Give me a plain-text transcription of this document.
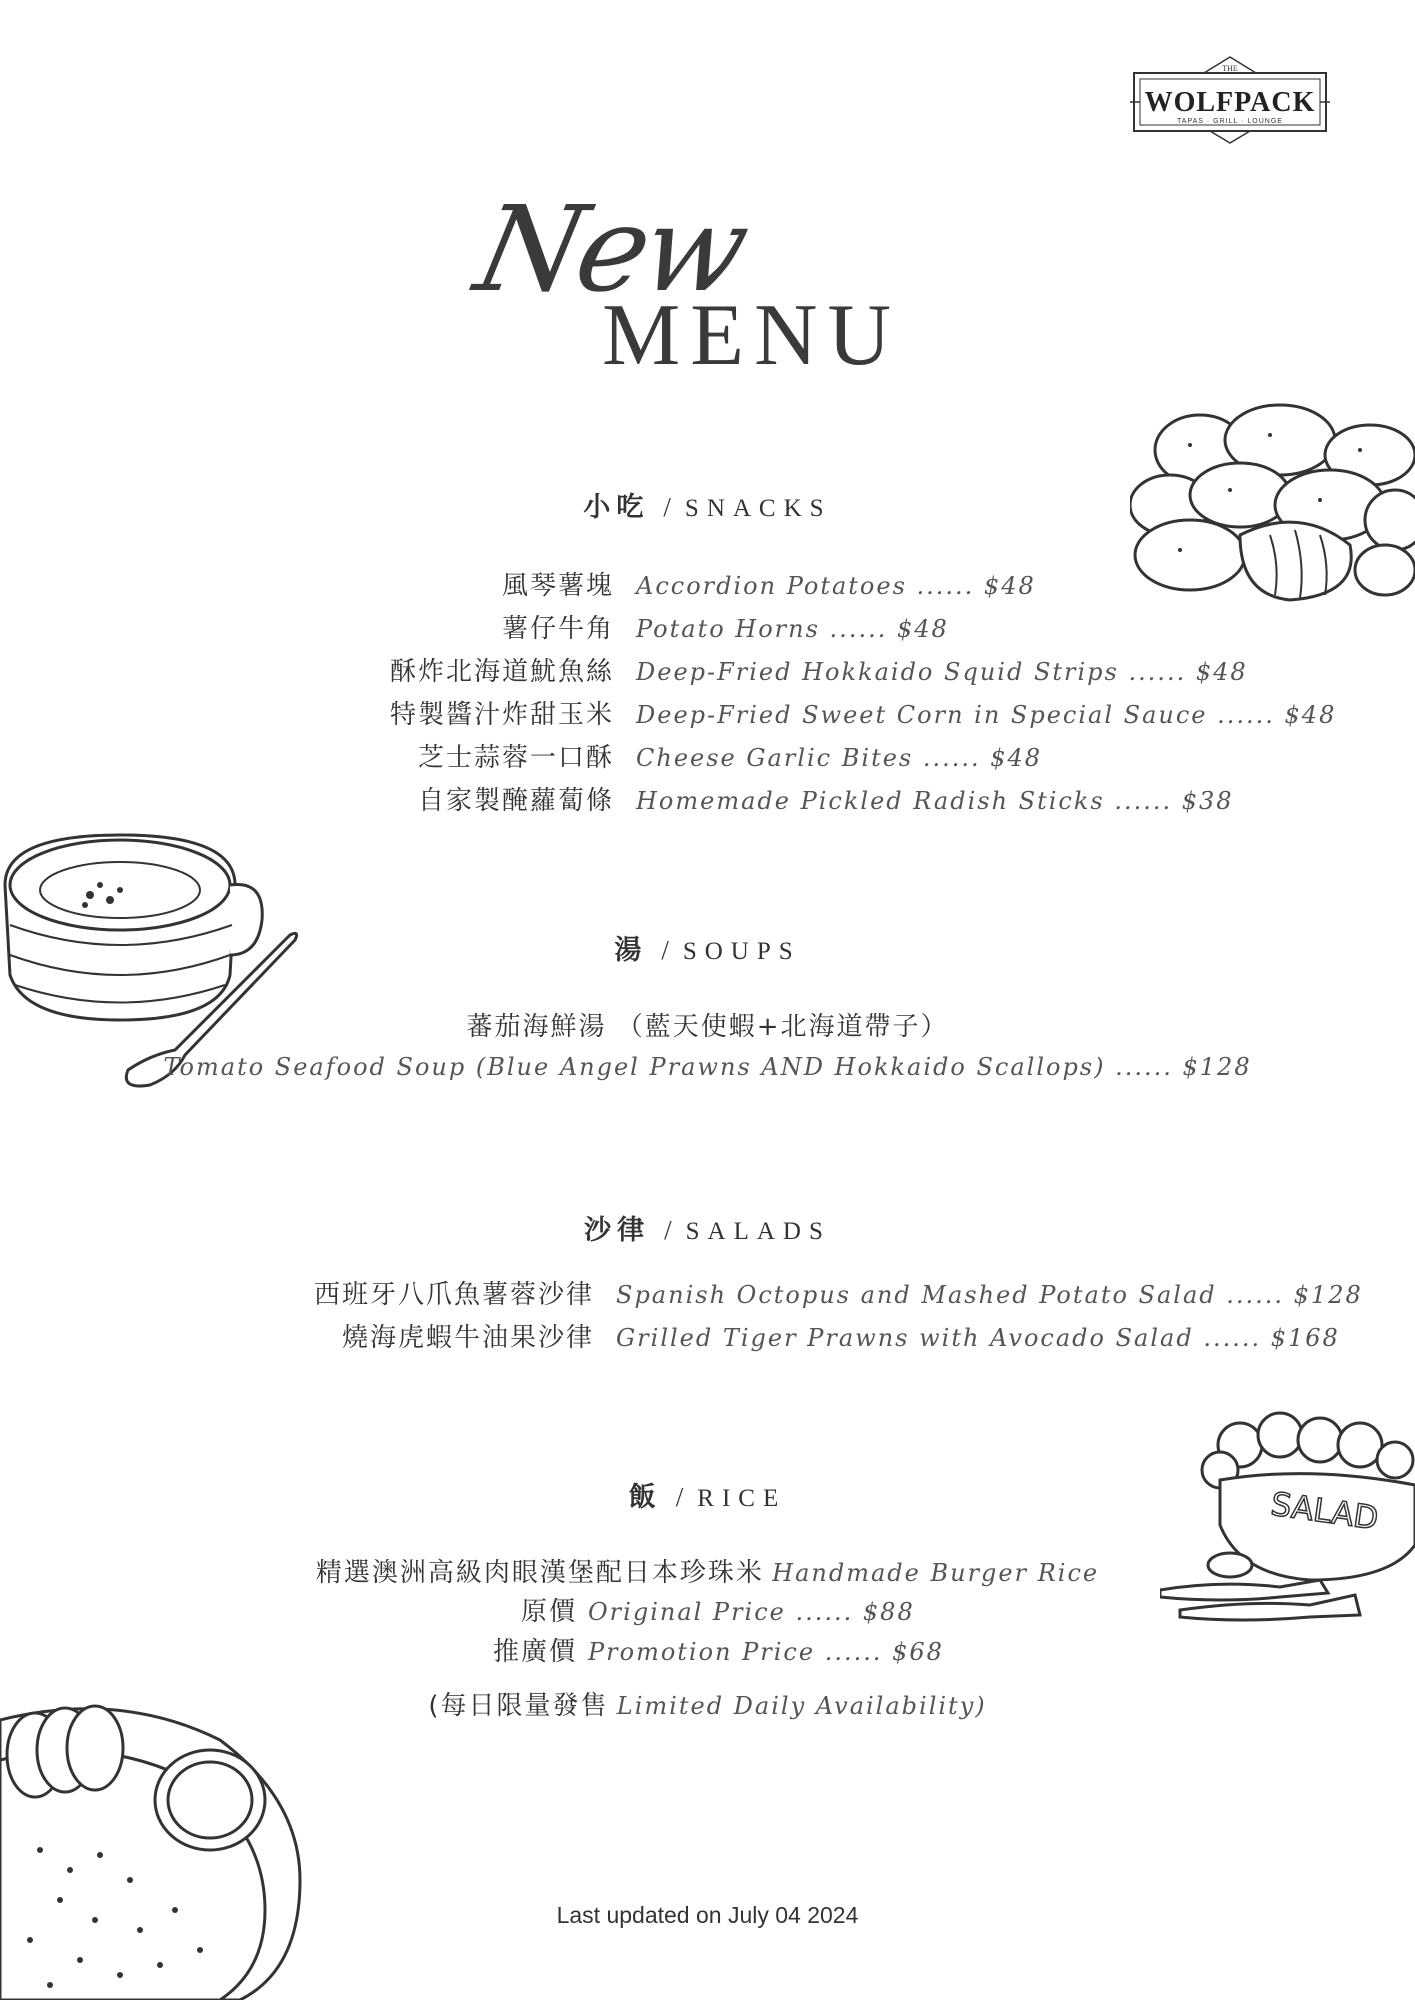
THE
WOLFPACK
TAPAS · GRILL · LOUNGE
New
MENU
SALAD
小吃 / SNACKS
風琴薯塊 Accordion Potatoes ...... $48
薯仔牛角 Potato Horns ...... $48
酥炸北海道魷魚絲 Deep-Fried Hokkaido Squid Strips ...... $48
特製醬汁炸甜玉米 Deep-Fried Sweet Corn in Special Sauce ...... $48
芝士蒜蓉一口酥 Cheese Garlic Bites ...... $48
自家製醃蘿蔔條 Homemade Pickled Radish Sticks ...... $38
湯 / SOUPS
蕃茄海鮮湯 （藍天使蝦+北海道帶子）
Tomato Seafood Soup (Blue Angel Prawns AND Hokkaido Scallops) ...... $128
沙律 / SALADS
西班牙八爪魚薯蓉沙律 Spanish Octopus and Mashed Potato Salad ...... $128
燒海虎蝦牛油果沙律 Grilled Tiger Prawns with Avocado Salad ...... $168
飯 / RICE
精選澳洲高級肉眼漢堡配日本珍珠米 Handmade Burger Rice
原價 Original Price ...... $88
推廣價 Promotion Price ...... $68
(每日限量發售 Limited Daily Availability)
Last updated on July 04 2024
